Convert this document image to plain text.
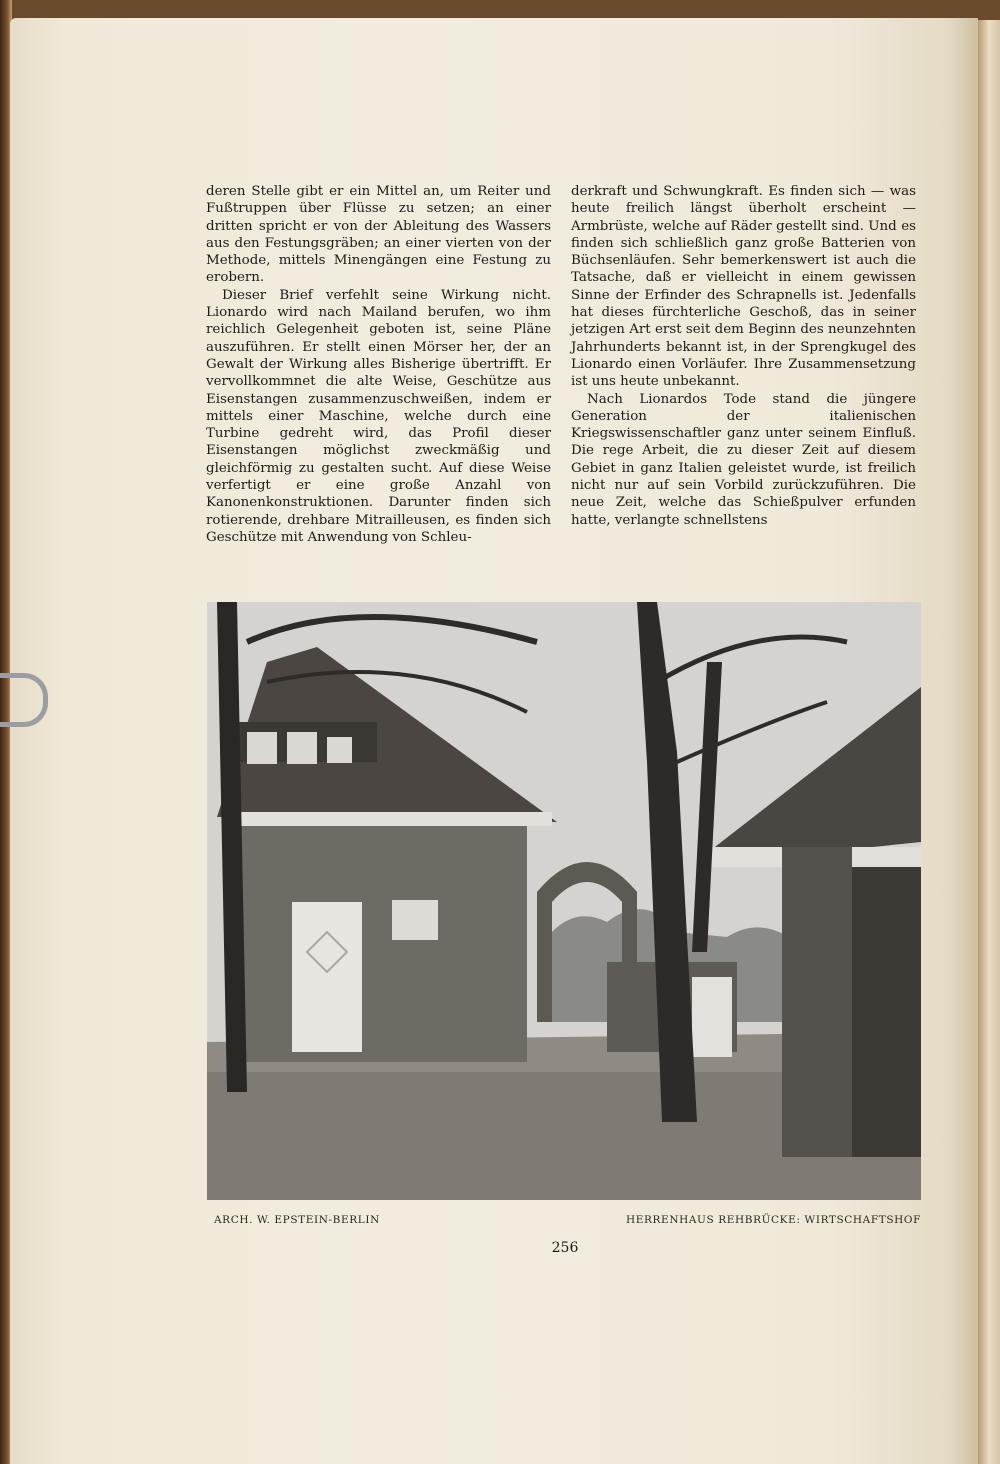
deren Stelle gibt er ein Mittel an, um Reiter und Fußtruppen über Flüsse zu setzen; an einer dritten spricht er von der Ableitung des Wassers aus den Festungsgräben; an einer vierten von der Methode, mittels Minengängen eine Festung zu erobern.

Dieser Brief verfehlt seine Wirkung nicht. Lionardo wird nach Mailand berufen, wo ihm reichlich Gelegenheit geboten ist, seine Pläne auszuführen. Er stellt einen Mörser her, der an Gewalt der Wirkung alles Bisherige übertrifft. Er vervollkommnet die alte Weise, Geschütze aus Eisenstangen zusammenzuschweißen, indem er mittels einer Maschine, welche durch eine Turbine gedreht wird, das Profil dieser Eisenstangen möglichst zweckmäßig und gleichförmig zu gestalten sucht. Auf diese Weise verfertigt er eine große Anzahl von Kanonenkonstruktionen. Darunter finden sich rotierende, drehbare Mitrailleusen, es finden sich Geschütze mit Anwendung von Schleu-

derkraft und Schwungkraft. Es finden sich — was heute freilich längst überholt erscheint — Armbrüste, welche auf Räder gestellt sind. Und es finden sich schließlich ganz große Batterien von Büchsenläufen. Sehr bemerkenswert ist auch die Tatsache, daß er vielleicht in einem gewissen Sinne der Erfinder des Schrapnells ist. Jedenfalls hat dieses fürchterliche Geschoß, das in seiner jetzigen Art erst seit dem Beginn des neunzehnten Jahrhunderts bekannt ist, in der Sprengkugel des Lionardo einen Vorläufer. Ihre Zusammensetzung ist uns heute unbekannt.

Nach Lionardos Tode stand die jüngere Generation der italienischen Kriegswissenschaftler ganz unter seinem Einfluß. Die rege Arbeit, die zu dieser Zeit auf diesem Gebiet in ganz Italien geleistet wurde, ist freilich nicht nur auf sein Vorbild zurückzuführen. Die neue Zeit, welche das Schießpulver erfunden hatte, verlangte schnellstens

ARCH. W. EPSTEIN-BERLIN	HERRENHAUS REHBRÜCKE: WIRTSCHAFTSHOF
256
